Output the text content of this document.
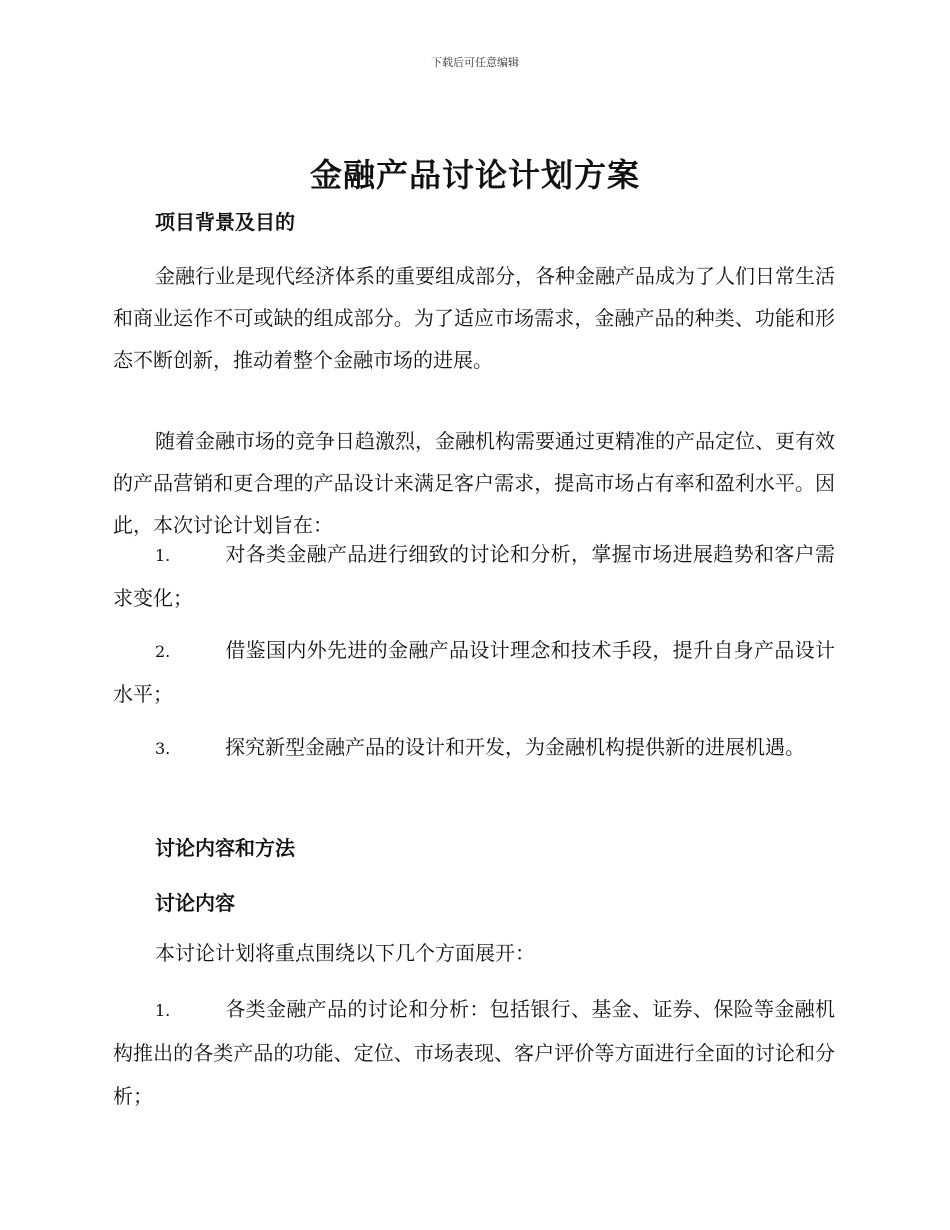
下载后可任意编辑
金融产品讨论计划方案
项目背景及目的

金融行业是现代经济体系的重要组成部分，各种金融产品成为了人们日常生活和商业运作不可或缺的组成部分。为了适应市场需求，金融产品的种类、功能和形态不断创新，推动着整个金融市场的进展。

随着金融市场的竞争日趋激烈，金融机构需要通过更精准的产品定位、更有效的产品营销和更合理的产品设计来满足客户需求，提高市场占有率和盈利水平。因此，本次讨论计划旨在：

1.	对各类金融产品进行细致的讨论和分析，掌握市场进展趋势和客户需求变化；

2.	借鉴国内外先进的金融产品设计理念和技术手段，提升自身产品设计水平；

3.	探究新型金融产品的设计和开发，为金融机构提供新的进展机遇。

讨论内容和方法
讨论内容

本讨论计划将重点围绕以下几个方面展开：

1.	各类金融产品的讨论和分析：包括银行、基金、证券、保险等金融机构推出的各类产品的功能、定位、市场表现、客户评价等方面进行全面的讨论和分析；
